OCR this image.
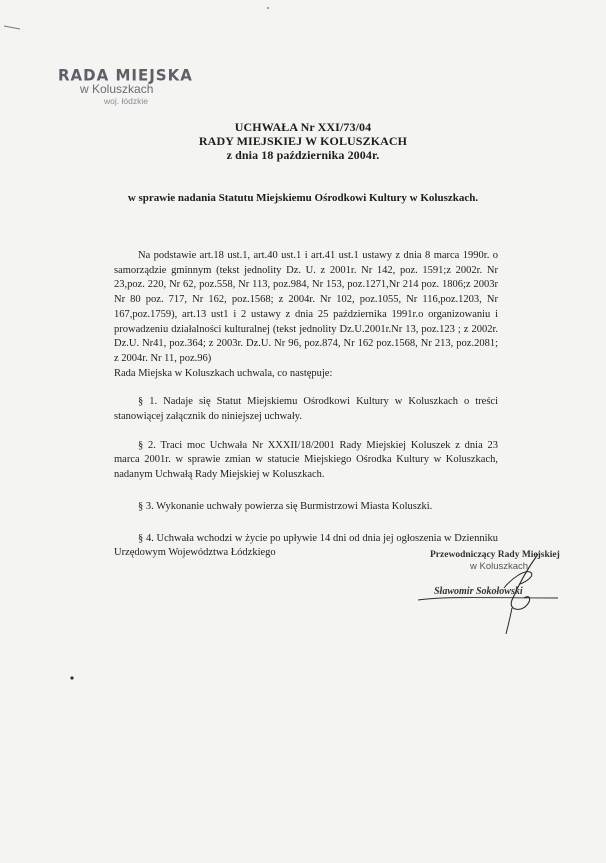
RADA MIEJSKA
w Koluszkach
woj. łódzkie
UCHWAŁA Nr XXI/73/04
RADY MIEJSKIEJ W KOLUSZKACH
z dnia 18 października 2004r.
w sprawie nadania Statutu Miejskiemu Ośrodkowi Kultury w Koluszkach.

Na podstawie art.18 ust.1, art.40 ust.1 i art.41 ust.1 ustawy z dnia 8 marca 1990r. o samorządzie gminnym (tekst jednolity Dz. U. z 2001r. Nr 142, poz. 1591;z 2002r. Nr 23,poz. 220, Nr 62, poz.558, Nr 113, poz.984, Nr 153, poz.1271,Nr 214 poz. 1806;z 2003r Nr 80 poz. 717, Nr 162, poz.1568; z 2004r. Nr 102, poz.1055, Nr 116,poz.1203, Nr 167,poz.1759), art.13 ust1 i 2 ustawy z dnia 25 października 1991r.o organizowaniu i prowadzeniu działalności kulturalnej (tekst jednolity Dz.U.2001r.Nr 13, poz.123 ; z 2002r. Dz.U. Nr41, poz.364; z 2003r. Dz.U. Nr 96, poz.874, Nr 162 poz.1568, Nr 213, poz.2081; z 2004r. Nr 11, poz.96)

Rada Miejska w Koluszkach uchwala, co następuje:

§ 1. Nadaje się Statut Miejskiemu Ośrodkowi Kultury w Koluszkach o treści stanowiącej załącznik do niniejszej uchwały.

§ 2. Traci moc Uchwała Nr XXXII/18/2001 Rady Miejskiej Koluszek z dnia 23 marca 2001r. w sprawie zmian w statucie Miejskiego Ośrodka Kultury w Koluszkach, nadanym Uchwałą Rady Miejskiej w Koluszkach.

§ 3. Wykonanie uchwały powierza się Burmistrzowi Miasta Koluszki.

§ 4. Uchwała wchodzi w życie po upływie 14 dni od dnia jej ogłoszenia w Dzienniku Urzędowym Województwa Łódzkiego	Przewodniczący Rady Miejskiej
w Koluszkach
Sławomir Sokołowski
